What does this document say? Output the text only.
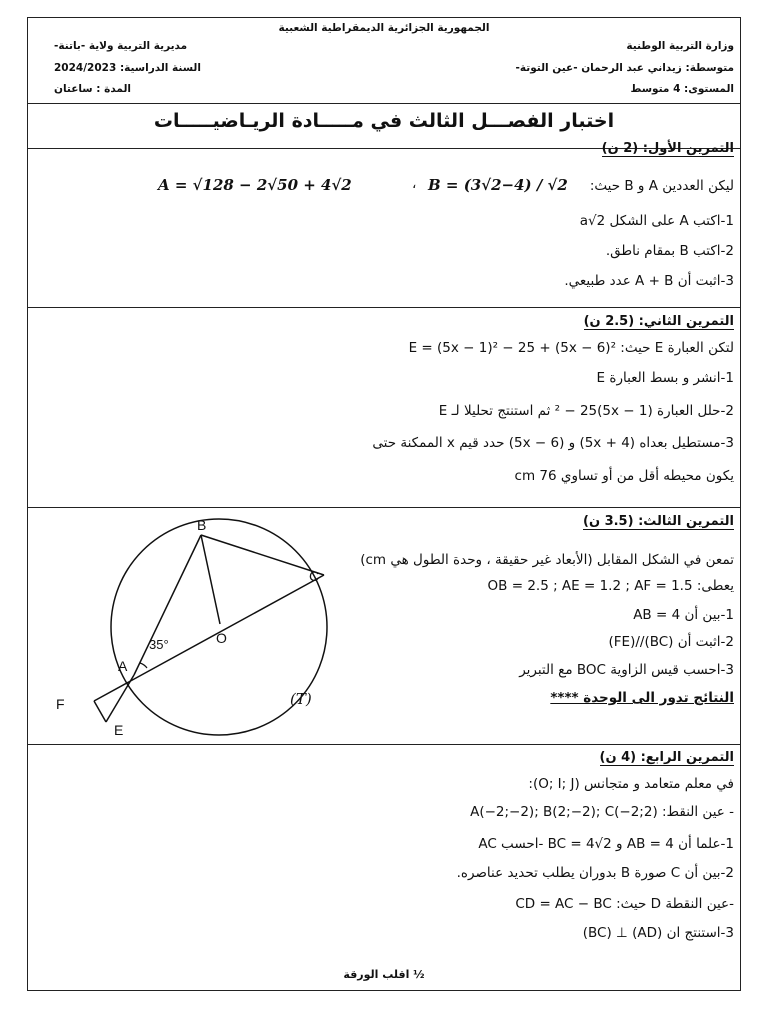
الجمهورية الجزائرية الديمقراطية الشعبية
وزارة التربية الوطنية
متوسطة: زيداني عبد الرحمان -عين التوتة-
المستوى: 4 متوسط
مديرية التربية ولاية -باتنة-
السنة الدراسية: 2024/2023
المدة : ساعتان
اختبار الفصـــل الثالث في مـــــادة الريـاضيـــــات
التمرين الأول: (2 ن)
ليكن العددين A و B حيث:
B = (3√2−4) / √2
،
A = √128 − 2√50 + 4√2
1-اكتب A على الشكل a√2
2-اكتب B بمقام ناطق.
3-اثبت أن A + B عدد طبيعي.
التمرين الثاني: (2.5 ن)
لتكن العبارة E حيث: E = (5x − 1)² − 25 + (5x − 6)²
1-انشر و بسط العبارة E
2-حلل العبارة (5x − 1)² − 25 ثم استنتج تحليلا لـ E
3-مستطيل بعداه (5x + 4) و (5x − 6) حدد قيم x الممكنة حتى
يكون محيطه أقل من أو تساوي 76 cm
التمرين الثالث: (3.5 ن)
تمعن في الشكل المقابل (الأبعاد غير حقيقة ، وحدة الطول هي cm)
يعطى: OB = 2.5 ; AE = 1.2 ; AF = 1.5
1-بين أن AB = 4
2-اثبت أن (BC)//(FE)
3-احسب قيس الزاوية BOC مع التبرير
النتائج تدور الى الوحدة ****
B
C
O
A
F
E
(T)
35°
التمرين الرابع: (4 ن)
في معلم متعامد و متجانس (O; I; J):
- عين النقط: A(−2;−2); B(2;−2); C(−2;2)
1-علما أن AB = 4 و BC = 4√2 -احسب AC
2-بين أن C صورة B بدوران يطلب تحديد عناصره.
-عين النقطة D حيث: CD = AC − BC
3-استنتج ان (AD) ⊥ (BC)
½ اقلب الورقة
